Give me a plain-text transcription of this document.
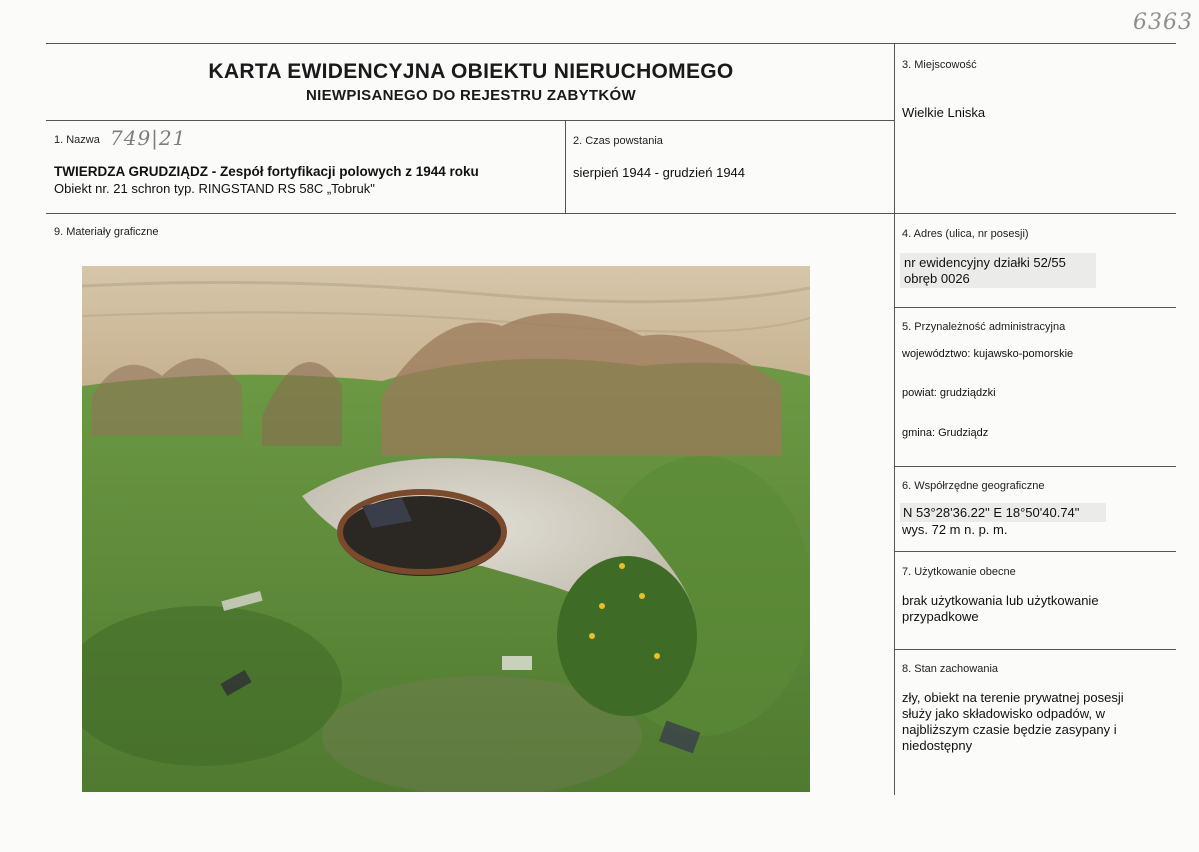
6363
KARTA EWIDENCYJNA OBIEKTU NIERUCHOMEGO
NIEWPISANEGO DO REJESTRU ZABYTKÓW
1. Nazwa 749|21
TWIERDZA GRUDZIĄDZ - Zespół fortyfikacji polowych z 1944 roku
Obiekt nr. 21 schron typ. RINGSTAND RS 58C „Tobruk"
2. Czas powstania
sierpień 1944 - grudzień 1944
3. Miejscowość
Wielkie Lniska
9. Materiały graficzne	4. Adres (ulica, nr posesji)
nr ewidencyjny działki 52/55
obręb 0026
5. Przynależność administracyjna
województwo: kujawsko-pomorskie
powiat: grudziądzki
gmina: Grudziądz
6. Współrzędne geograficzne
N 53°28'36.22" E 18°50'40.74"
wys. 72 m n. p. m.
7. Użytkowanie obecne
brak użytkowania lub użytkowanie
przypadkowe
8. Stan zachowania
zły, obiekt na terenie prywatnej posesji
służy jako składowisko odpadów, w
najbliższym czasie będzie zasypany i
niedostępny
